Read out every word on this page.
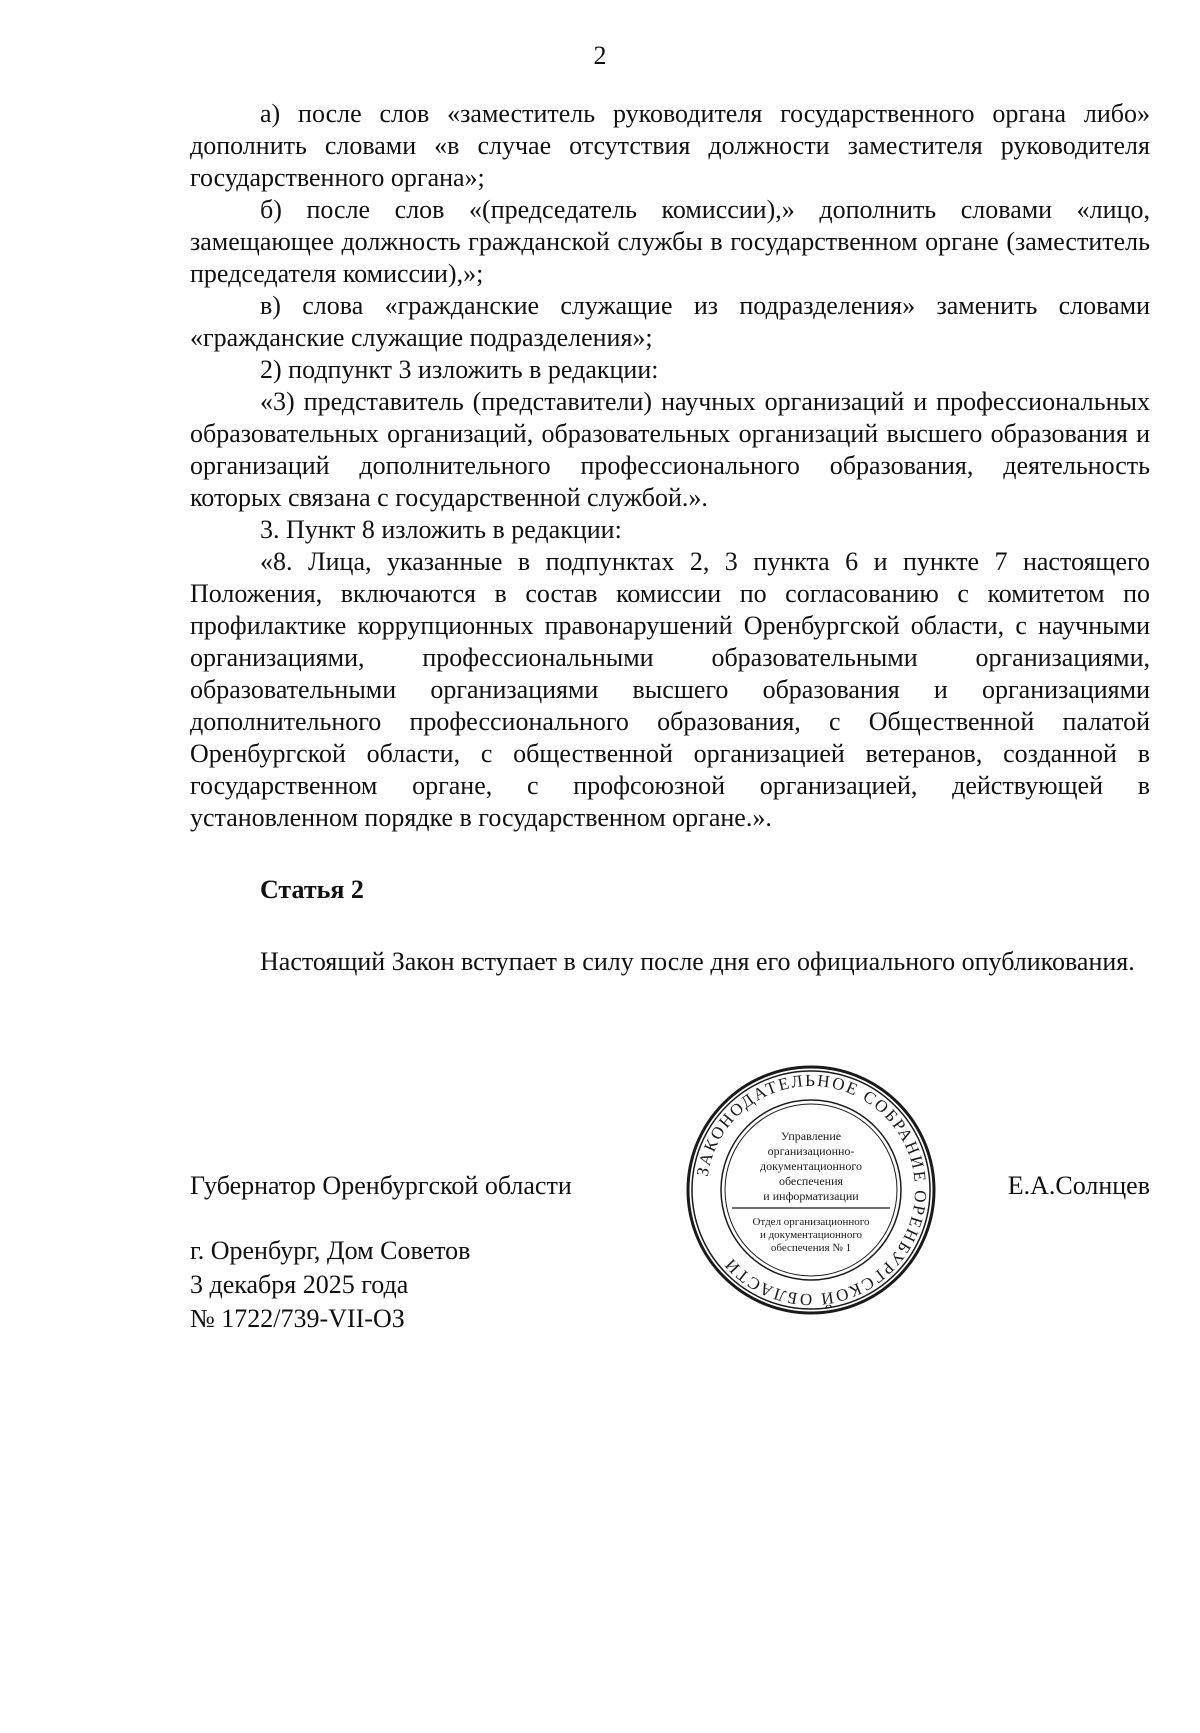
2

а) после слов «заместитель руководителя государственного органа либо» дополнить словами «в случае отсутствия должности заместителя руководителя государственного органа»;

б) после слов «(председатель комиссии),» дополнить словами «лицо, замещающее должность гражданской службы в государственном органе (заместитель председателя комиссии),»;

в) слова «гражданские служащие из подразделения» заменить словами «гражданские служащие подразделения»;

2) подпункт 3 изложить в редакции:

«3) представитель (представители) научных организаций и профессиональных образовательных организаций, образовательных организаций высшего образования и организаций дополнительного профессионального образования, деятельность которых связана с государственной службой.».

3. Пункт 8 изложить в редакции:

«8. Лица, указанные в подпунктах 2, 3 пункта 6 и пункте 7 настоящего Положения, включаются в состав комиссии по согласованию с комитетом по профилактике коррупционных правонарушений Оренбургской области, с научными организациями, профессиональными образовательными организациями, образовательными организациями высшего образования и организациями дополнительного профессионального образования, с Общественной палатой Оренбургской области, с общественной организацией ветеранов, созданной в государственном органе, с профсоюзной организацией, действующей в установленном порядке в государственном органе.».

Статья 2

Настоящий Закон вступает в силу после дня его официального опубликования.

Губернатор Оренбургской области	Е.А.Солнцев
ЗАКОНОДАТЕЛЬНОЕ СОБРАНИЕ ОРЕНБУРГСКОЙ ОБЛАСТИ
Управление
организационно-
документационного
обеспечения
и информатизации
Отдел организационного
и документационного
обеспечения № 1
г. Оренбург, Дом Советов
3 декабря 2025 года
№ 1722/739-VII-ОЗ
